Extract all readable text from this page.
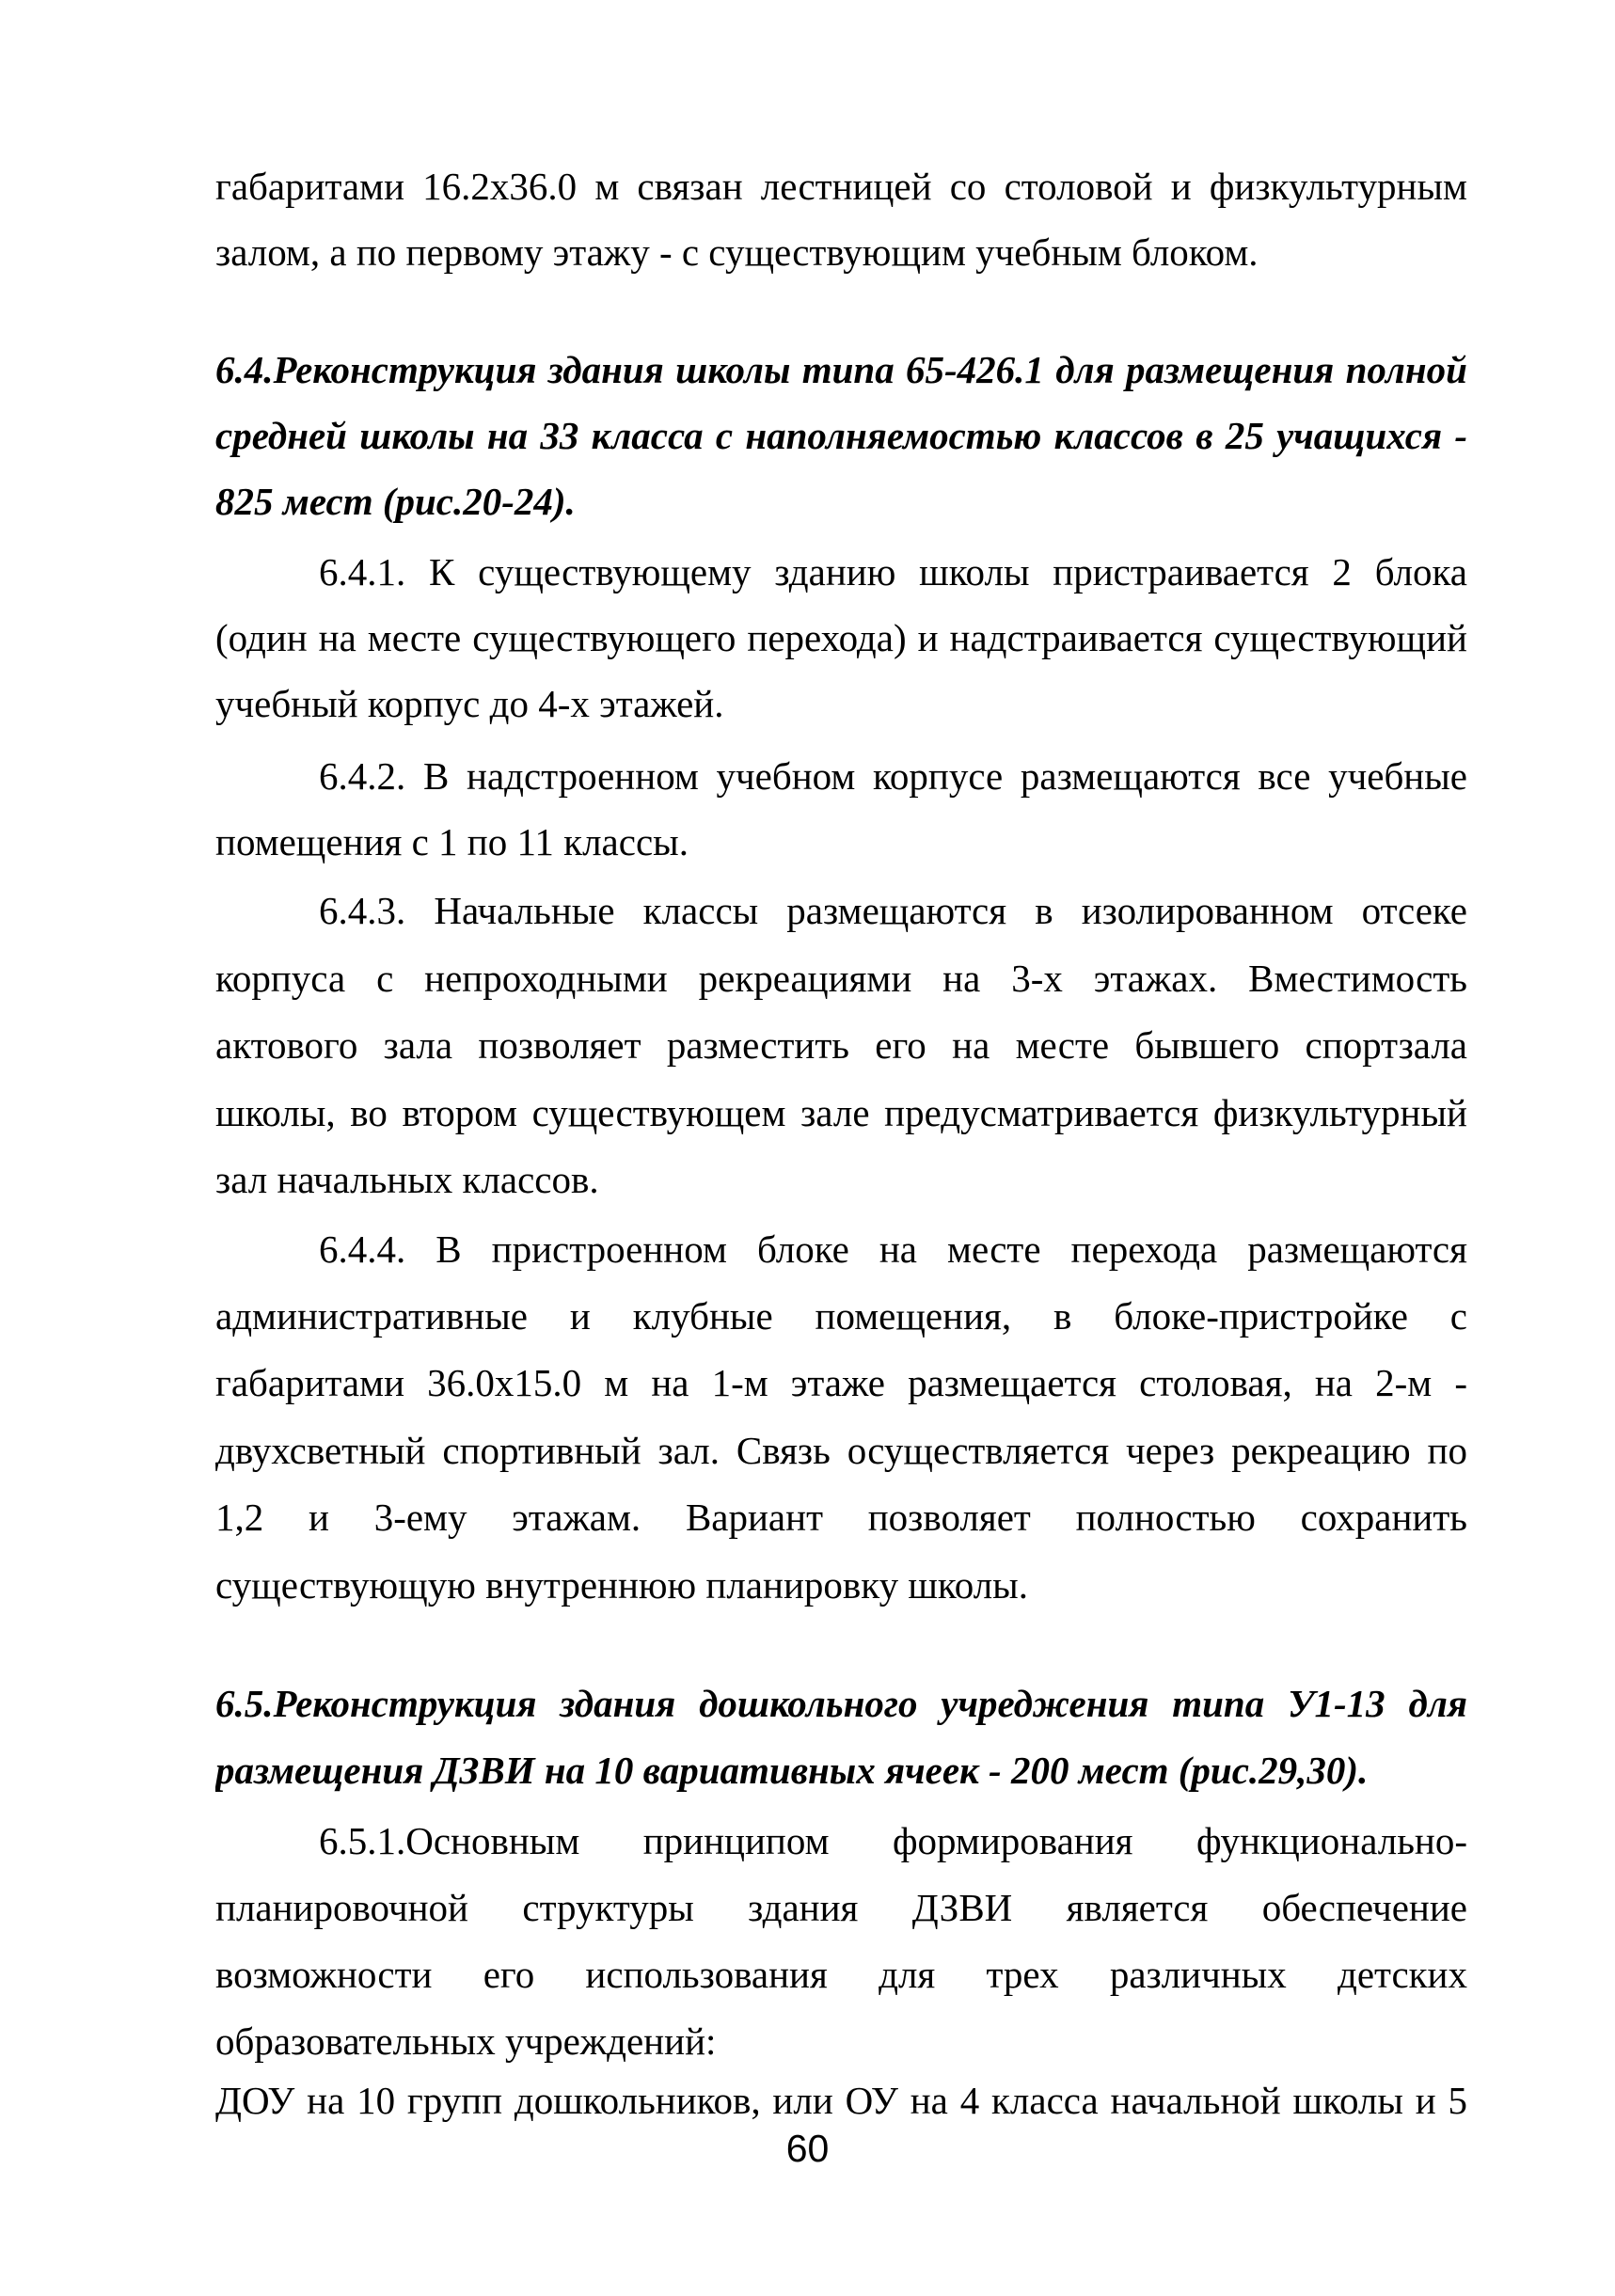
габаритами 16.2х36.0 м связан лестницей со столовой и физкультурным
залом, а по первому этажу - с существующим учебным блоком.
6.4.Реконструкция здания школы типа 65-426.1 для размещения полной
средней школы на 33 класса с наполняемостью классов в 25 учащихся -
825 мест (рис.20-24).
6.4.1. К существующему зданию школы пристраивается 2 блока
(один на месте существующего перехода) и надстраивается существующий
учебный корпус до 4-х этажей.
6.4.2. В надстроенном учебном корпусе размещаются все учебные
помещения с 1 по 11 классы.
6.4.3. Начальные классы размещаются в изолированном отсеке
корпуса с непроходными рекреациями на 3-х этажах. Вместимость
актового зала позволяет разместить его на месте бывшего спортзала
школы, во втором существующем зале предусматривается физкультурный
зал начальных классов.
6.4.4. В пристроенном блоке на месте перехода размещаются
административные и клубные помещения, в блоке-пристройке с
габаритами 36.0х15.0 м на 1-м этаже размещается столовая, на 2-м -
двухсветный спортивный зал. Связь осуществляется через рекреацию по
1,2 и 3-ему этажам. Вариант позволяет полностью сохранить
существующую внутреннюю планировку школы.
6.5.Реконструкция здания дошкольного учреджения типа У1-13 для
размещения ДЗВИ на 10 вариативных ячеек - 200 мест (рис.29,30).
6.5.1.Основным принципом формирования функционально-
планировочной структуры здания ДЗВИ является обеспечение
возможности его использования для трех различных детских
образовательных учреждений:
ДОУ на 10 групп дошкольников, или ОУ на 4 класса начальной школы и 5
60
